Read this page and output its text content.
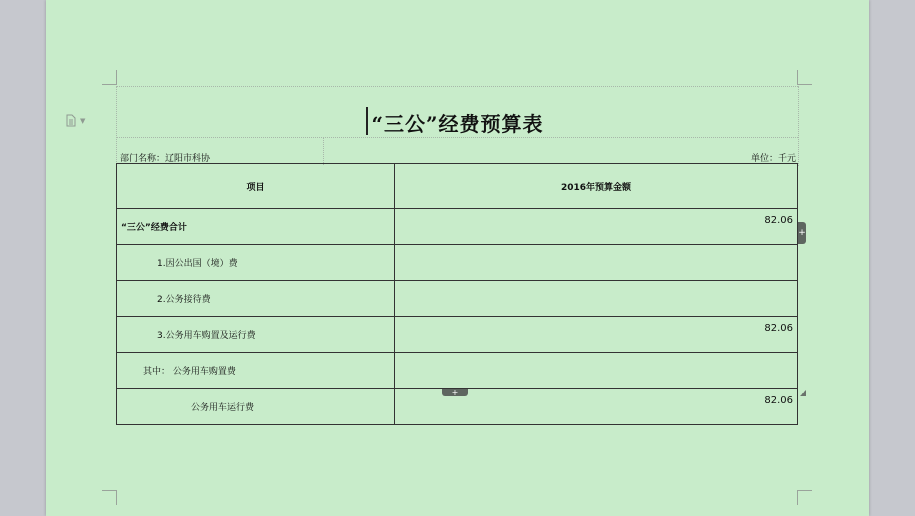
▼	“三公”经费预算表
部门名称：辽阳市科协	单位：千元
项目	2016年预算金额
“三公”经费合计	82.06
1.因公出国（境）费	
2.公务接待费	
3.公务用车购置及运行费	82.06
其中： 公务用车购置费	
公务用车运行费	82.06
+
+
